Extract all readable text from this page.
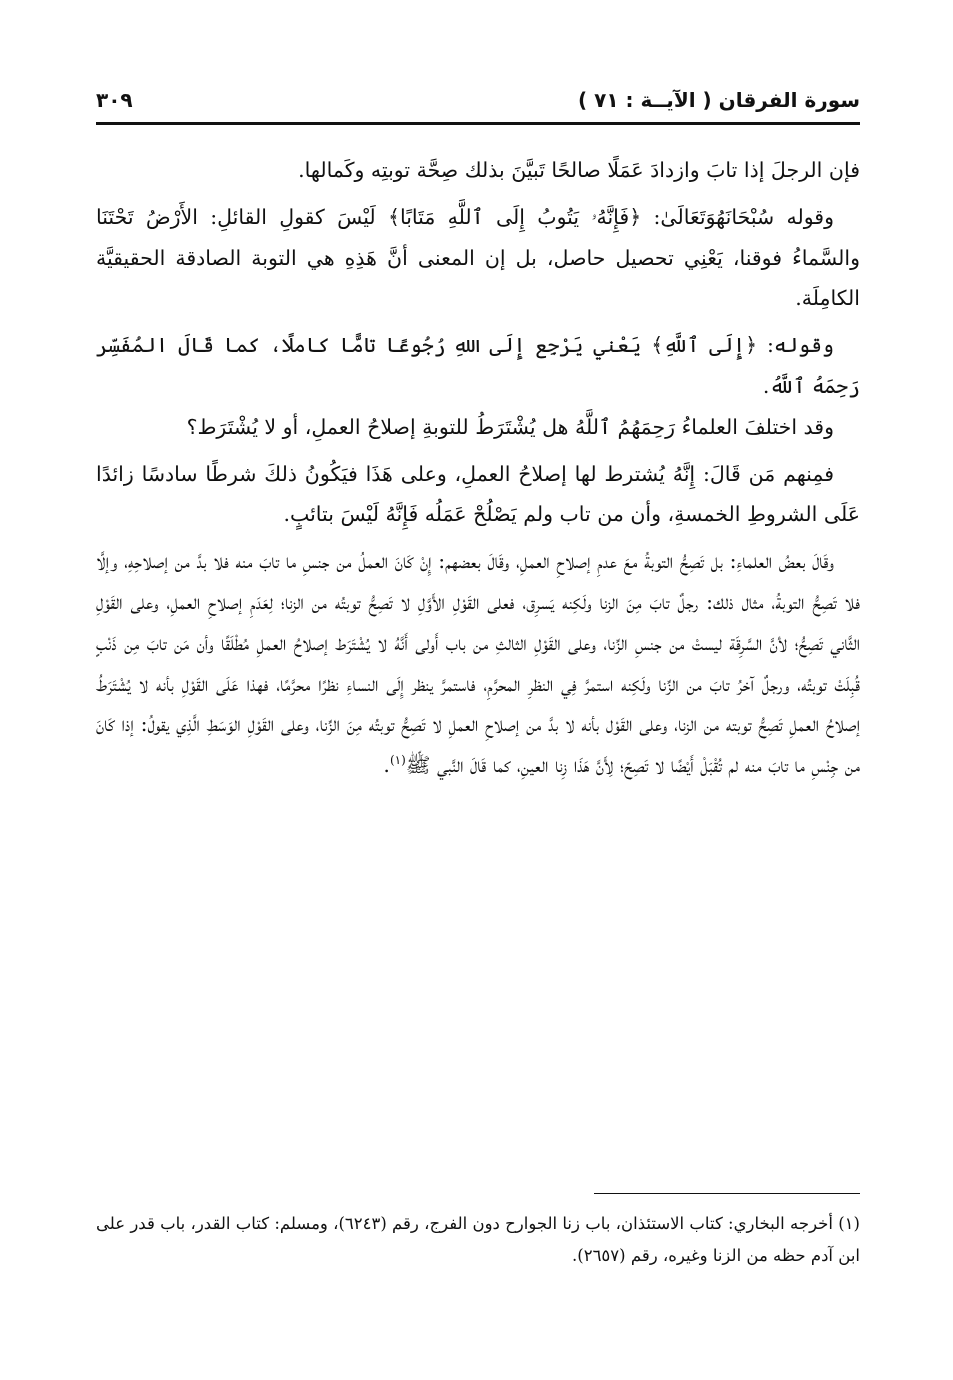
سورة الفرقان ( الآيــة : ٧١ )
٣٠٩

فإن الرجلَ إذا تابَ وازدادَ عَمَلًا صالحًا تَبيَّنَ بذلك صِحَّة توبتِه وكَمالها.

وقوله سُبْحَانَهُوَتَعَالَىٰ: ﴿فَإِنَّهُۥ يَتُوبُ إِلَى ٱللَّهِ مَتَابًا﴾ لَيْسَ كقولِ القائلِ: الأَرْضُ تَحْتَنَا والسَّماءُ فوقنا، يَعْنِي تحصيل حاصل، بل إن المعنى أنَّ هَذِهِ هي التوبة الصادقة الحقيقيَّة الكامِلَة.

وقوله: ﴿إِلَى ٱللَّهِ﴾ يَعْني يَرْجِع إِلَى اللهِ رُجُوعًا تامًّا كاملًا، كما قَالَ المُفَسِّر رَحِمَهُ ٱللَّهُ.

وقد اختلفَ العلماءُ رَحِمَهُمُ ٱللَّهُ هل يُشْتَرَطُ للتوبةِ إصلاحُ العملِ، أو لا يُشْتَرَط؟

فمِنهم مَن قَالَ: إِنَّهُ يُشترط لها إصلاحُ العملِ، وعلى هَذَا فيَكُونُ ذلكَ شرطًا سادسًا زائدًا عَلَى الشروطِ الخمسةِ، وأن من تاب ولم يَصْلُحْ عَمَلُه فَإِنَّهُ لَيْسَ بتائبٍ.

وقَالَ بعضُ العلماءِ: بل تَصِحُّ التوبةُ معَ عدمِ إصلاحِ العملِ، وقَالَ بعضهم: إِنْ كَانَ العملُ من جنسِ ما تابَ منه فلا بدَّ من إصلاحِهِ، وإلَّا فلا تَصِحُّ التوبةُ، مثال ذلك: رجلٌ تابَ مِنَ الزنا ولَكِنه يَسرِق، فعلى القَوْلِ الأَوَّلِ لا تَصِحُّ توبتُه من الزنا؛ لِعَدَمِ إصلاحِ العملِ، وعلى القَوْلِ الثَّاني تَصِحُّ؛ لأنَّ السَّرِقَة ليستْ من جنسِ الزِّنا، وعلى القَوْلِ الثالثِ من باب أَولى أَنَّهُ لا يُشْتَرَط إصلاحُ العملِ مُطْلَقًا وأن مَن تابَ مِن ذَنْبٍ قُبِلَتْ توبتُه، ورجلٌ آخرُ تابَ من الزِّنا ولَكِنه استمرَّ فِي النظرِ المحرَّمِ، فاستمرَّ ينظر إِلَى النساءِ نظرًا محرَّمًا، فهذا عَلَى القَوْلِ بأنه لا يُشْتَرَطُ إصلاحُ العملِ تَصِحُّ توبته من الزنا، وعلى القَوْل بأنه لا بدَّ من إصلاحِ العملِ لا تَصِحُّ توبتُه مِنَ الزِّنا، وعلى القَوْلِ الوَسَطِ الَّذِي يقولُ: إذا كَانَ من جِنْسِ ما تابَ منه لم تُقْبَلْ أَيْضًا لا تَصِحّ؛ لِأَنَّ هَذَا زِنا العينِ، كما قَالَ النَّبي ﷺ$^{(١)}$.

(١) أخرجه البخاري: كتاب الاستئذان، باب زنا الجوارح دون الفرج، رقم (٦٢٤٣)، ومسلم: كتاب القدر، باب قدر على ابن آدم حظه من الزنا وغيره، رقم (٢٦٥٧).
